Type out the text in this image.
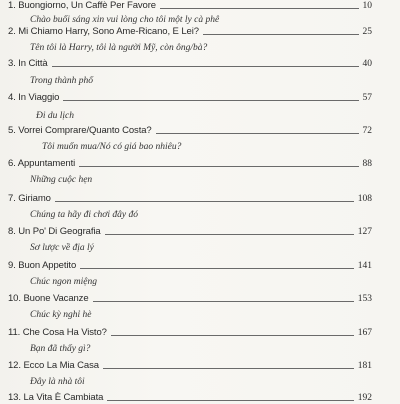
1. Buongiorno, Un Caffè Per Favore	10
Chào buổi sáng xin vui lòng cho tôi một ly cà phê
2. Mi Chiamo Harry, Sono Ame-Ricano, E Lei?	25
Tên tôi là Harry, tôi là người Mỹ, còn ông/bà?
3. In Città	40
Trong thành phố
4. In Viaggio	57
Đi du lịch
5. Vorrei Comprare/Quanto Costa?	72
Tôi muốn mua/Nó có giá bao nhiêu?
6. Appuntamenti	88
Những cuộc hẹn
7. Giriamo	108
Chúng ta hãy đi chơi đây đó
8. Un Po' Di Geografia	127
Sơ lược về địa lý
9. Buon Appetito	141
Chúc ngon miệng
10. Buone Vacanze	153
Chúc kỳ nghỉ hè
11. Che Cosa Ha Visto?	167
Bạn đã thấy gì?
12. Ecco La Mia Casa	181
Đây là nhà tôi
13. La Vita È Cambiata	192
